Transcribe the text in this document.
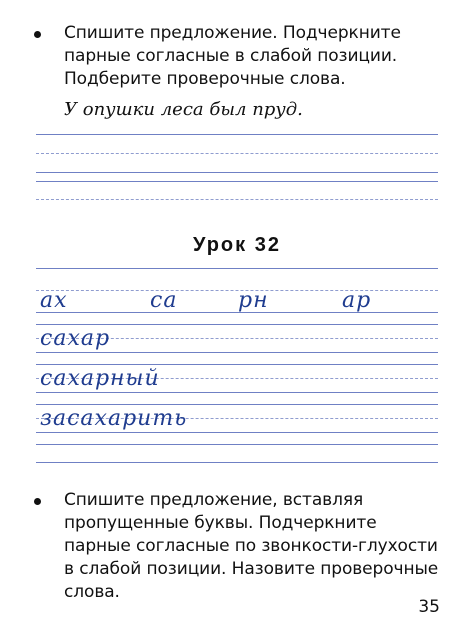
Спишите предложение. Подчеркните парные согласные в слабой позиции. Подберите проверочные слова.

У опушки леса был пруд.
Урок 32
ах	са	рн	ар
сахар
сахарный
засахарить

Спишите предложение, вставляя пропущенные буквы. Подчеркните парные согласные по звонкости-глухости в слабой позиции. Назовите проверочные слова.

35
